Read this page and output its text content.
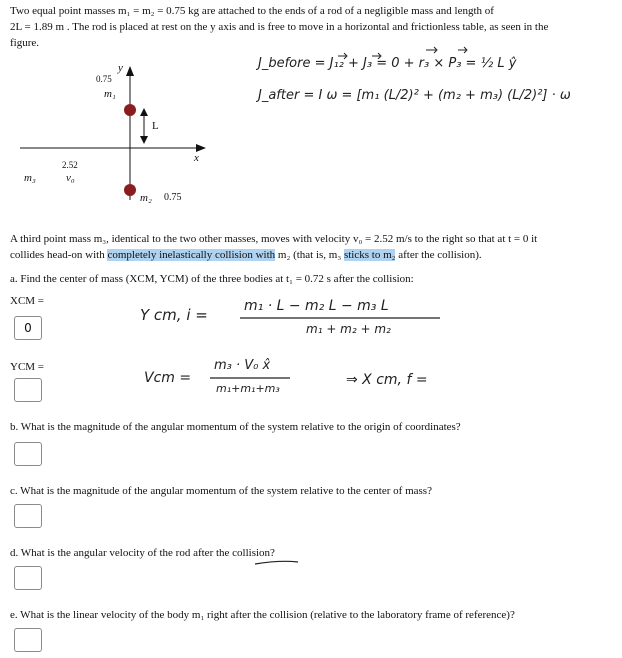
Two equal point masses m₁ = m₂ = 0.75 kg are attached to the ends of a rod of a negligible mass and length of
2L = 1.89 m . The rod is placed at rest on the y axis and is free to move in a horizontal and frictionless table, as seen in the
figure.
0.75
m₁
y
L
x
2.52
v₀
m₃
m₂ 0.75
J_before = J₁₂ + J₃ = 0 + r₃ × P₃ = ½ L ŷ
J_after = I ω = [m₁ (L/2)² + (m₂ + m₃) (L/2)²] · ω
A third point mass m₃, identical to the two other masses, moves with velocity v₀ = 2.52 m/s to the right so that at t = 0 it
collides head-on with completely inelastically collision with m₂ (that is, m₃ sticks to m₂ after the collision).
a. Find the center of mass (XCM, YCM) of the three bodies at t₁ = 0.72 s after the collision:
XCM =
0
Y cm, i =	m₁ · L − m₂ L − m₃ L
m₁ + m₂ + m₂
YCM =
Vcm =
m₃ · V₀ x̂
m₁+m₁+m₃
⇒ X cm, f =
b. What is the magnitude of the angular momentum of the system relative to the origin of coordinates?
c. What is the magnitude of the angular momentum of the system relative to the center of mass?
d. What is the angular velocity of the rod after the collision?
e. What is the linear velocity of the body m₁ right after the collision (relative to the laboratory frame of reference)?
